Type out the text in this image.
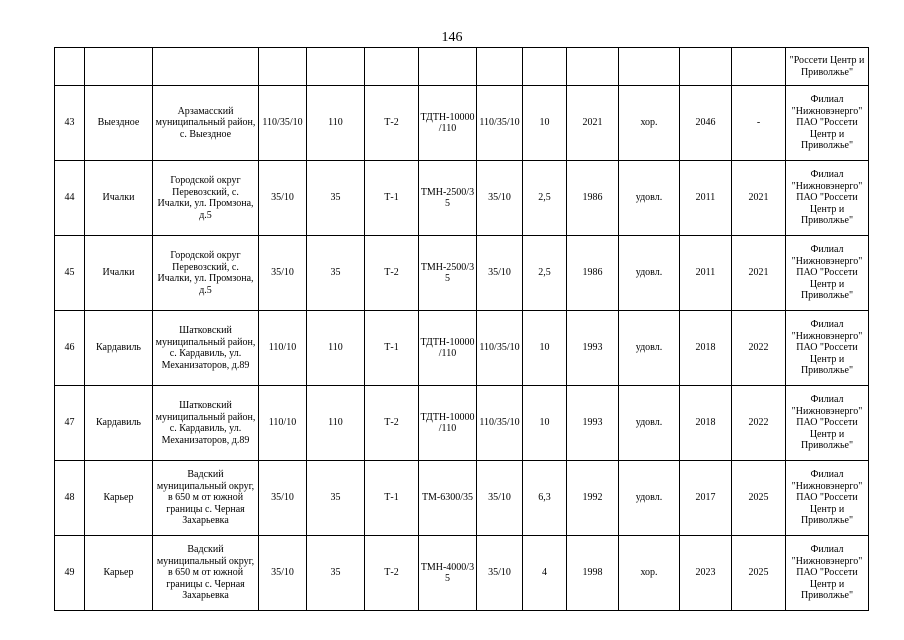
146
													"Россети Центр и Приволжье"
43	Выездное	Арзамасский муниципальный район, с. Выездное	110/35/10	110	Т-2	ТДТН-10000/110	110/35/10	10	2021	хор.	2046	-	Филиал "Нижновэнерго" ПАО "Россети Центр и Приволжье"
44	Ичалки	Городской округ Перевозский, с. Ичалки, ул. Промзона, д.5	35/10	35	Т-1	ТМН-2500/35	35/10	2,5	1986	удовл.	2011	2021	Филиал "Нижновэнерго" ПАО "Россети Центр и Приволжье"
45	Ичалки	Городской округ Перевозский, с. Ичалки, ул. Промзона, д.5	35/10	35	Т-2	ТМН-2500/35	35/10	2,5	1986	удовл.	2011	2021	Филиал "Нижновэнерго" ПАО "Россети Центр и Приволжье"
46	Кардавиль	Шатковский муниципальный район, с. Кардавиль, ул. Механизаторов, д.89	110/10	110	Т-1	ТДТН-10000/110	110/35/10	10	1993	удовл.	2018	2022	Филиал "Нижновэнерго" ПАО "Россети Центр и Приволжье"
47	Кардавиль	Шатковский муниципальный район, с. Кардавиль, ул. Механизаторов, д.89	110/10	110	Т-2	ТДТН-10000/110	110/35/10	10	1993	удовл.	2018	2022	Филиал "Нижновэнерго" ПАО "Россети Центр и Приволжье"
48	Карьер	Вадский муниципальный округ, в 650 м от южной границы с. Черная Захарьевка	35/10	35	Т-1	ТМ-6300/35	35/10	6,3	1992	удовл.	2017	2025	Филиал "Нижновэнерго" ПАО "Россети Центр и Приволжье"
49	Карьер	Вадский муниципальный округ, в 650 м от южной границы с. Черная Захарьевка	35/10	35	Т-2	ТМН-4000/35	35/10	4	1998	хор.	2023	2025	Филиал "Нижновэнерго" ПАО "Россети Центр и Приволжье"
